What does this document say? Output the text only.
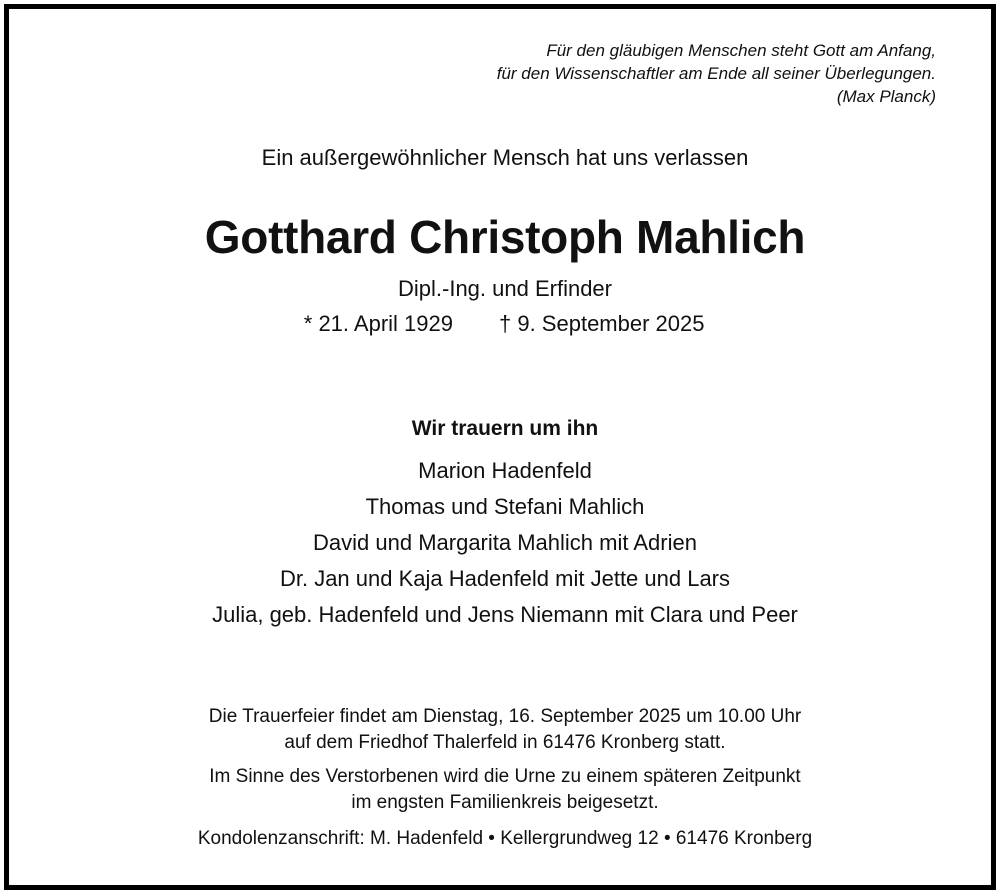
Für den gläubigen Menschen steht Gott am Anfang,
für den Wissenschaftler am Ende all seiner Überlegungen.
(Max Planck)
Ein außergewöhnlicher Mensch hat uns verlassen
Gotthard Christoph Mahlich
Dipl.-Ing. und Erfinder
* 21. April 1929 † 9. September 2025
Wir trauern um ihn
Marion Hadenfeld
Thomas und Stefani Mahlich
David und Margarita Mahlich mit Adrien
Dr. Jan und Kaja Hadenfeld mit Jette und Lars
Julia, geb. Hadenfeld und Jens Niemann mit Clara und Peer
Die Trauerfeier findet am Dienstag, 16. September 2025 um 10.00 Uhr
auf dem Friedhof Thalerfeld in 61476 Kronberg statt.
Im Sinne des Verstorbenen wird die Urne zu einem späteren Zeitpunkt
im engsten Familienkreis beigesetzt.
Kondolenzanschrift: M. Hadenfeld • Kellergrundweg 12 • 61476 Kronberg
